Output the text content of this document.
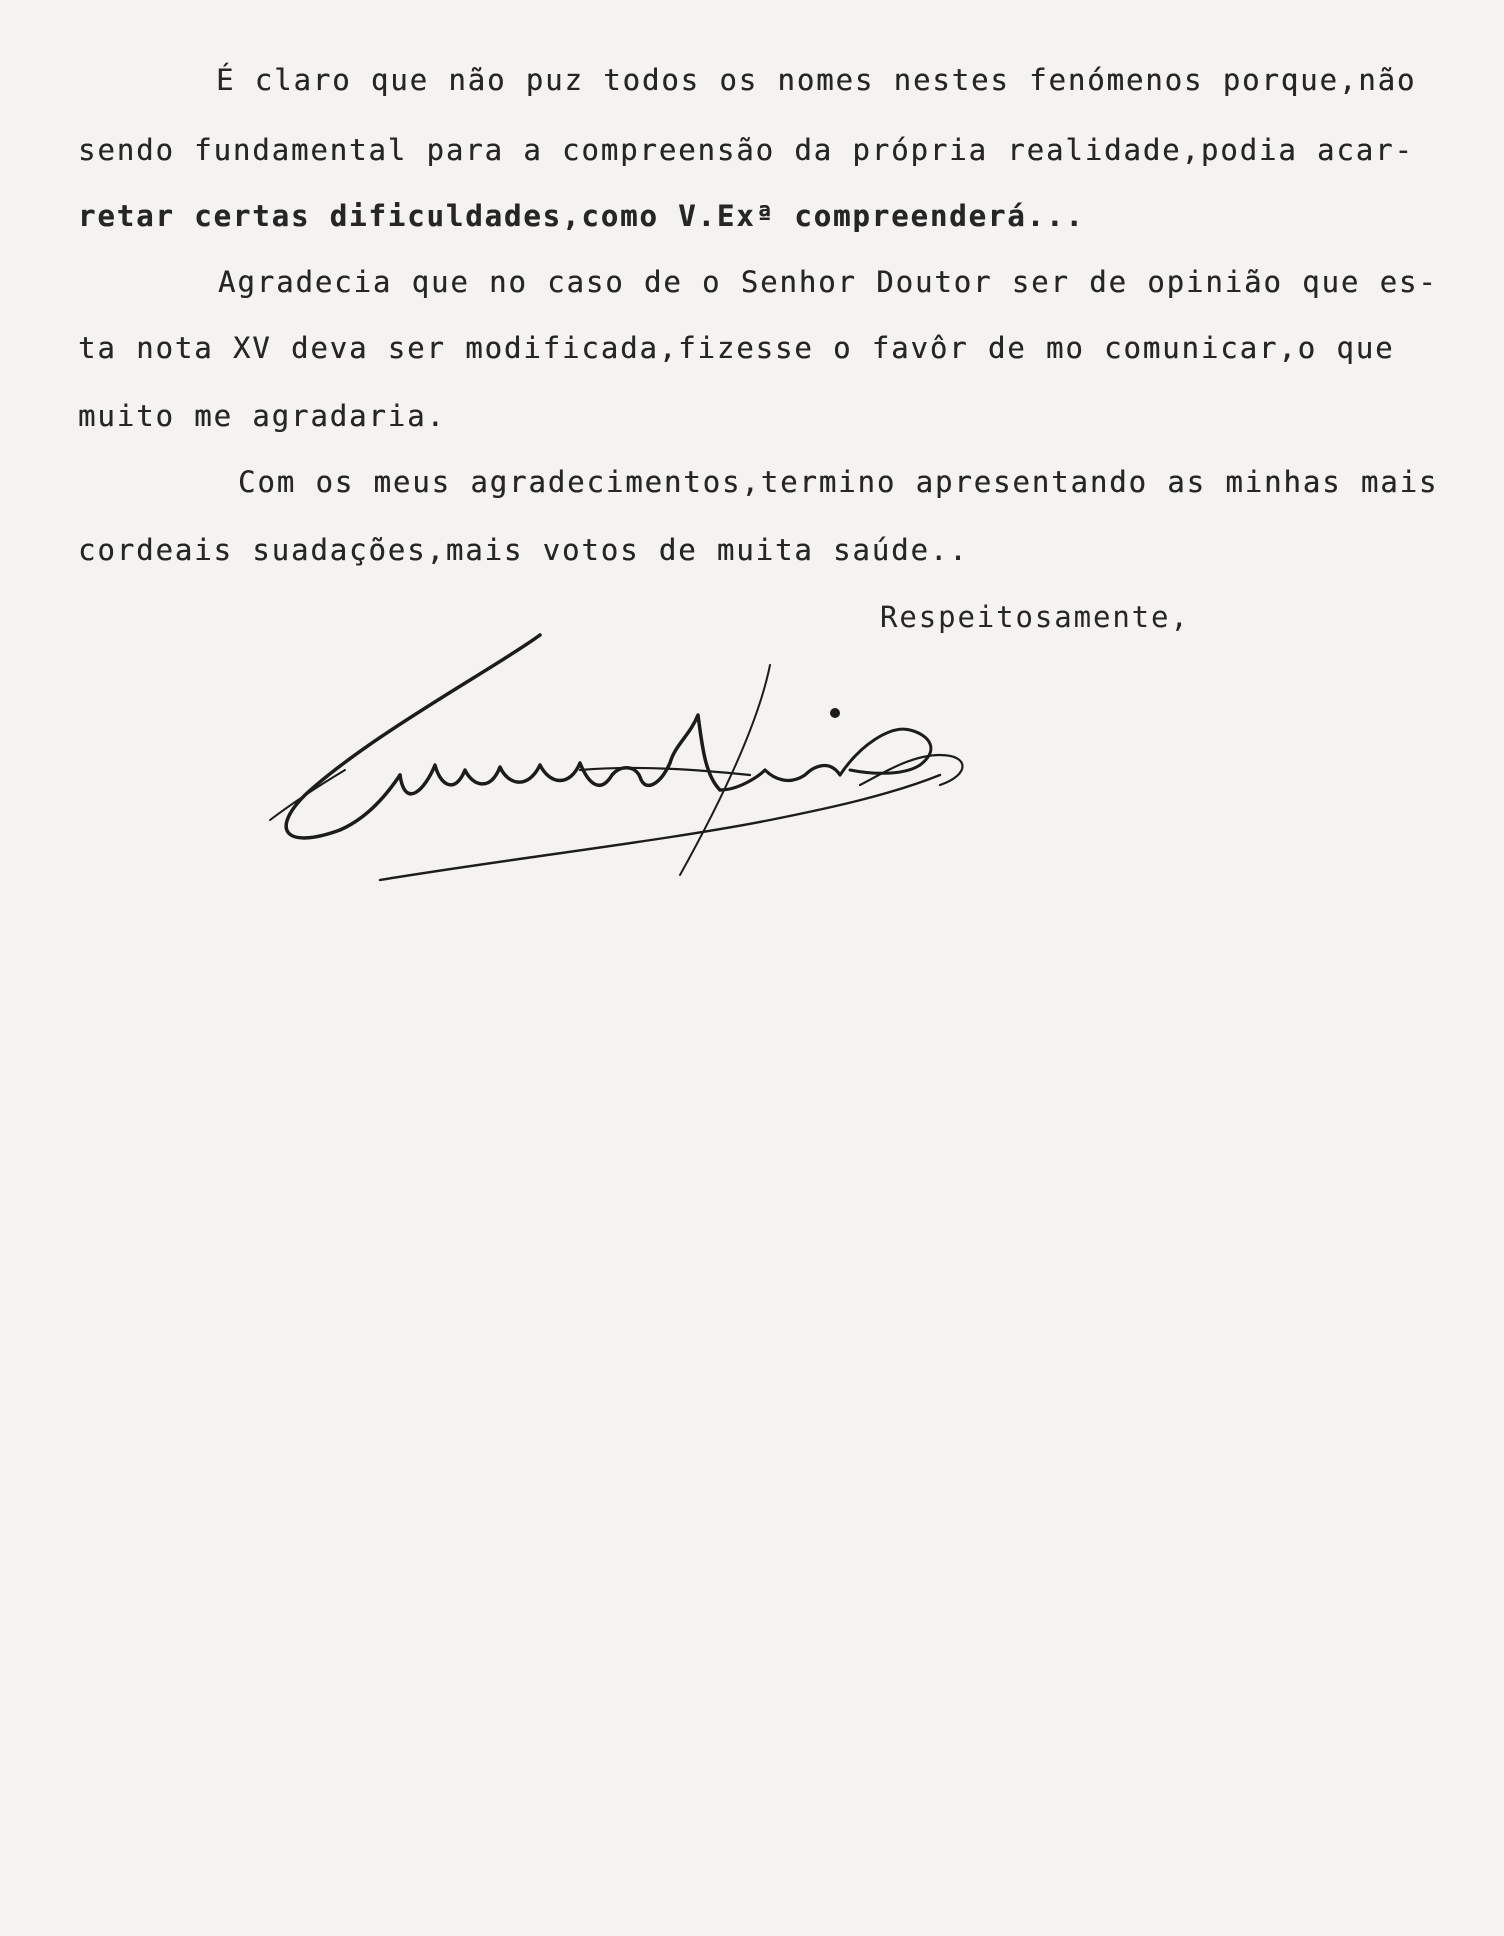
É claro que não puz todos os nomes nestes fenómenos porque,não
sendo fundamental para a compreensão da própria realidade,podia acar-
retar certas dificuldades,como V.Exª compreenderá...
Agradecia que no caso de o Senhor Doutor ser de opinião que es-
ta nota XV deva ser modificada,fizesse o favôr de mo comunicar,o que
muito me agradaria.
Com os meus agradecimentos,termino apresentando as minhas mais
cordeais suadações,mais votos de muita saúde..
Respeitosamente,
